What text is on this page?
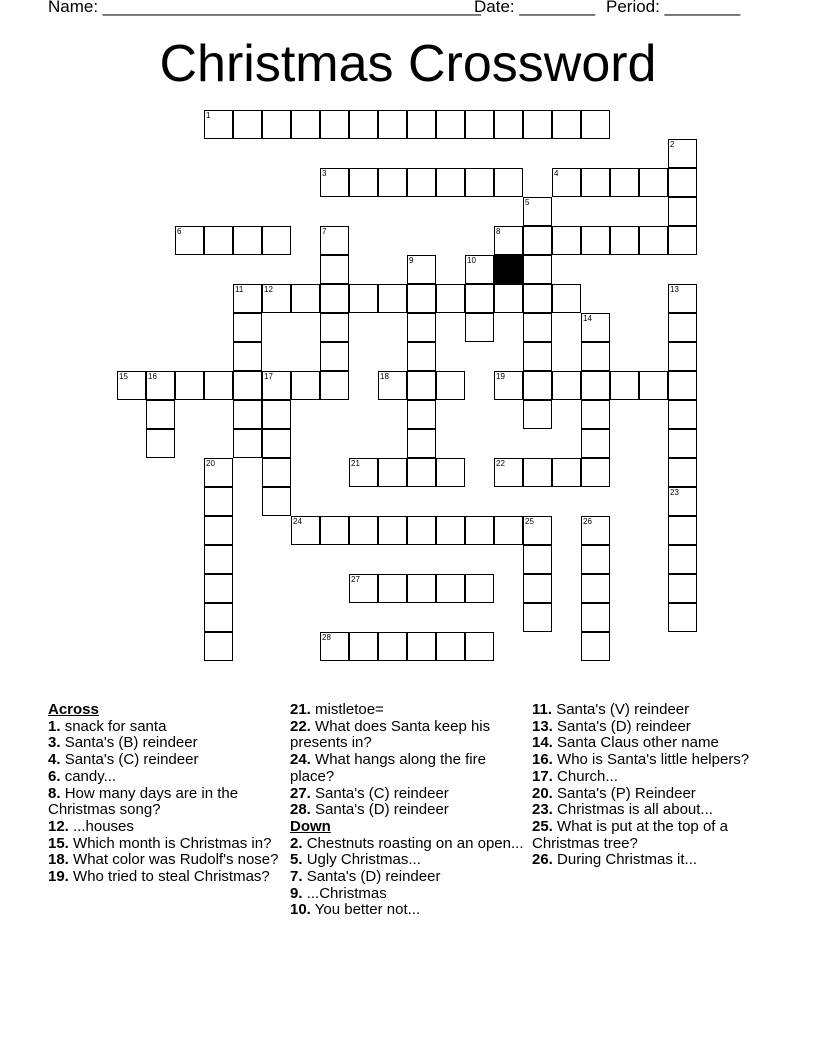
Name: ________________________________________
Date: ________ Period: ________
Christmas Crossword
1
2
3	4
5
6	7	8
9	10
11	12	13
14
15	16	17	18	19
20	21	22
23
24	25	26
27
28
Across
1. snack for santa
3. Santa's (B) reindeer
4. Santa's (C) reindeer
6. candy...
8. How many days are in the Christmas song?
12. ...houses
15. Which month is Christmas in?
18. What color was Rudolf's nose?
19. Who tried to steal Christmas?
21. mistletoe=
22. What does Santa keep his presents in?
24. What hangs along the fire place?
27. Santa's (C) reindeer
28. Santa's (D) reindeer
Down
2. Chestnuts roasting on an open...
5. Ugly Christmas...
7. Santa's (D) reindeer
9. ...Christmas
10. You better not...
11. Santa's (V) reindeer
13. Santa's (D) reindeer
14. Santa Claus other name
16. Who is Santa's little helpers?
17. Church...
20. Santa's (P) Reindeer
23. Christmas is all about...
25. What is put at the top of a Christmas tree?
26. During Christmas it...
